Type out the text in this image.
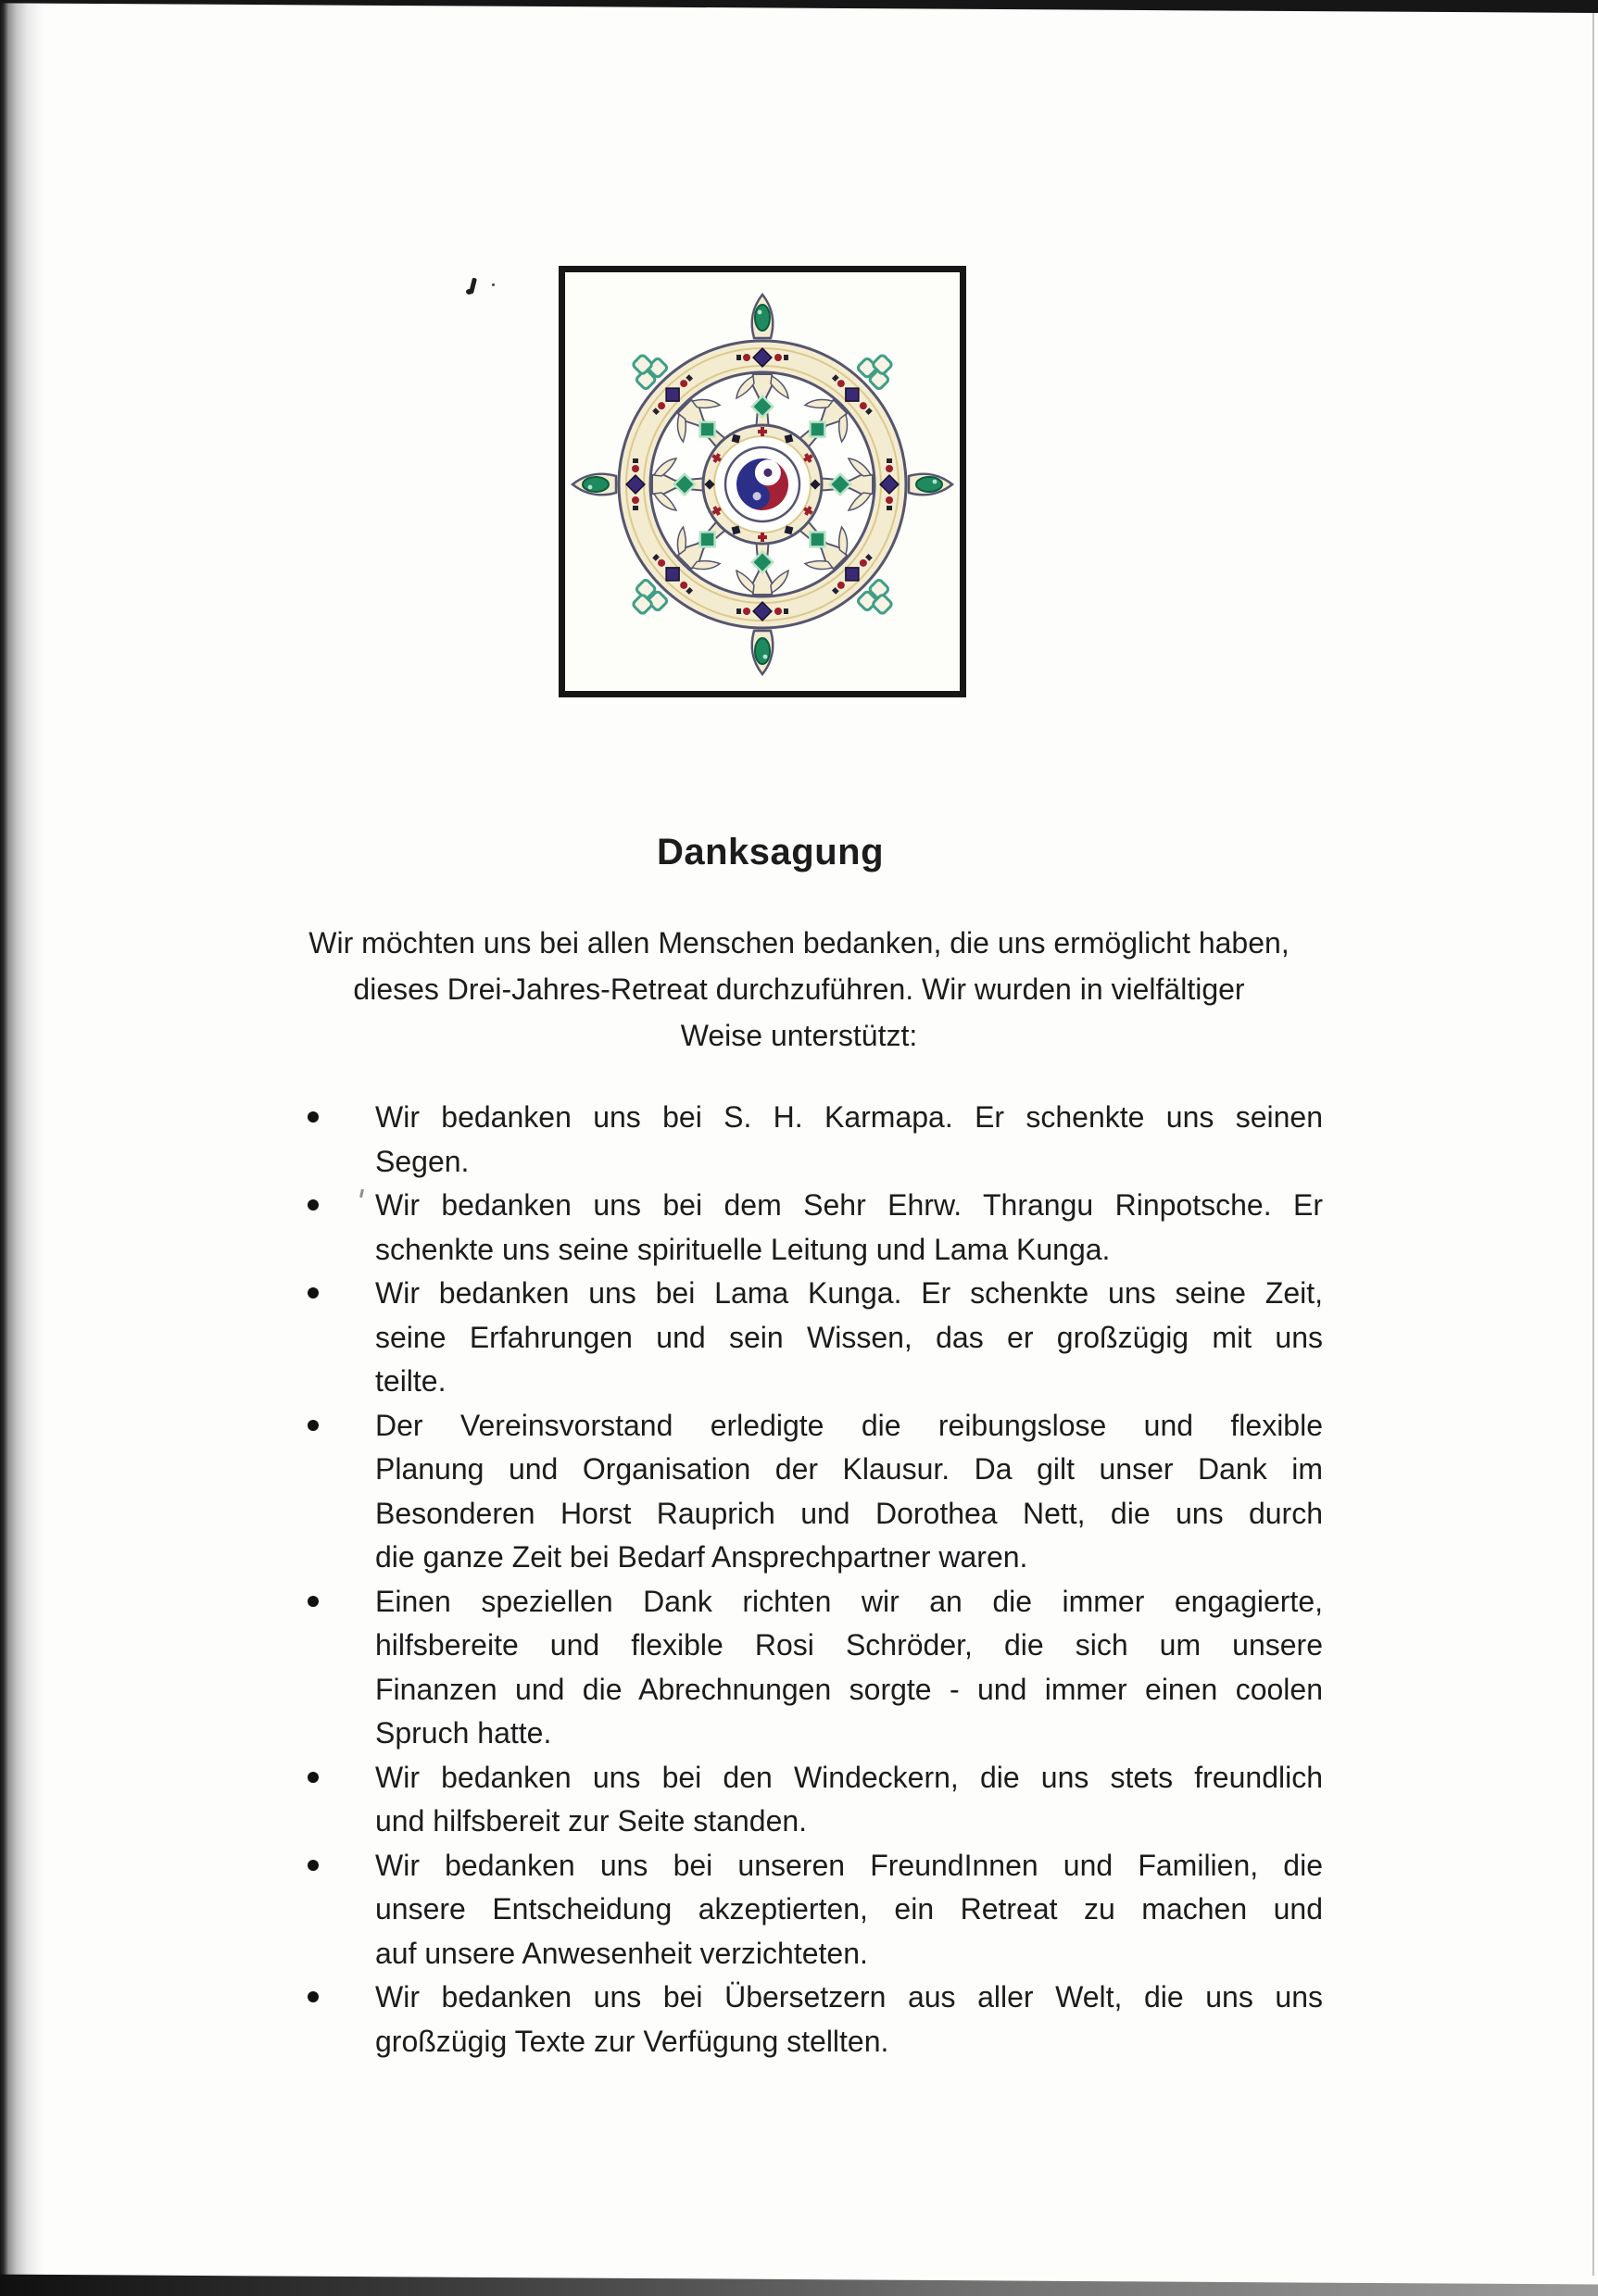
Danksagung
Wir möchten uns bei allen Menschen bedanken, die uns ermöglicht haben,
dieses Drei-Jahres-Retreat durchzuführen. Wir wurden in vielfältiger
Weise unterstützt:
Wir bedanken uns bei S. H. Karmapa. Er schenkte uns seinen
Segen.
Wir bedanken uns bei dem Sehr Ehrw. Thrangu Rinpotsche. Er
schenkte uns seine spirituelle Leitung und Lama Kunga.
Wir bedanken uns bei Lama Kunga. Er schenkte uns seine Zeit,
seine Erfahrungen und sein Wissen, das er großzügig mit uns
teilte.
Der Vereinsvorstand erledigte die reibungslose und flexible
Planung und Organisation der Klausur. Da gilt unser Dank im
Besonderen Horst Rauprich und Dorothea Nett, die uns durch
die ganze Zeit bei Bedarf Ansprechpartner waren.
Einen speziellen Dank richten wir an die immer engagierte,
hilfsbereite und flexible Rosi Schröder, die sich um unsere
Finanzen und die Abrechnungen sorgte - und immer einen coolen
Spruch hatte.
Wir bedanken uns bei den Windeckern, die uns stets freundlich
und hilfsbereit zur Seite standen.
Wir bedanken uns bei unseren FreundInnen und Familien, die
unsere Entscheidung akzeptierten, ein Retreat zu machen und
auf unsere Anwesenheit verzichteten.
Wir bedanken uns bei Übersetzern aus aller Welt, die uns uns
großzügig Texte zur Verfügung stellten.
